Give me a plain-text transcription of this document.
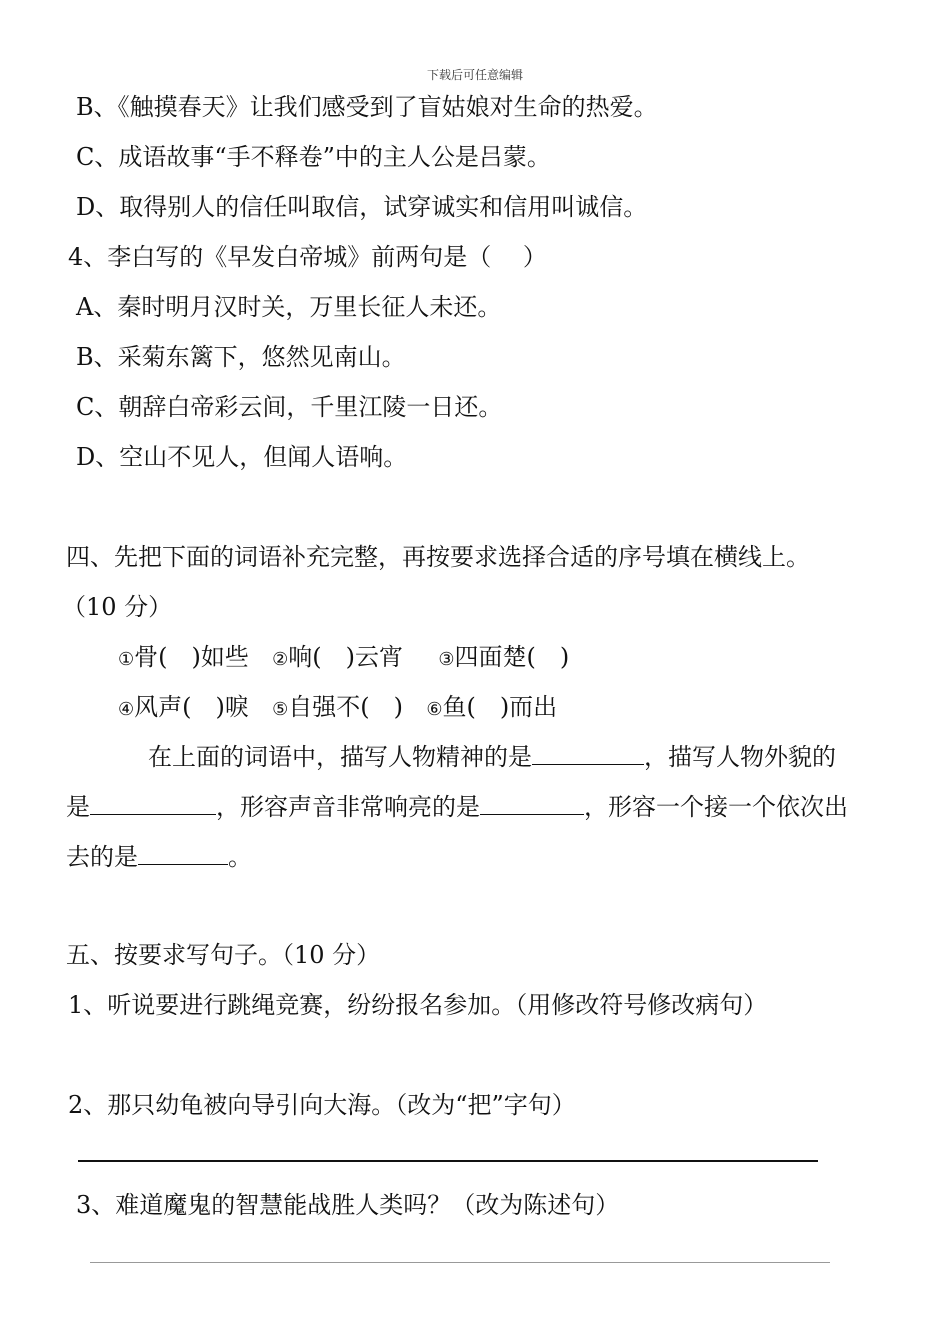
下载后可任意编辑
B、《触摸春天》让我们感受到了盲姑娘对生命的热爱。
C、成语故事“手不释卷”中的主人公是吕蒙。
D、取得别人的信任叫取信，试穿诚实和信用叫诚信。
4、李白写的《早发白帝城》前两句是（　 ）
A、秦时明月汉时关，万里长征人未还。
B、采菊东篱下，悠然见南山。
C、朝辞白帝彩云间，千里江陵一日还。
D、空山不见人，但闻人语响。
四、先把下面的词语补充完整，再按要求选择合适的序号填在横线上。
（10 分）
①骨(　)如些 ②响(　)云宵 ③四面楚(　)
④风声(　)唳 ⑤自强不(　) ⑥鱼(　)而出
在上面的词语中，描写人物精神的是	，描写人物外貌的
是	，形容声音非常响亮的是	，形容一个接一个依次出
去的是	。
五、按要求写句子。（10 分）
1、听说要进行跳绳竞赛，纷纷报名参加。（用修改符号修改病句）
2、那只幼龟被向导引向大海。（改为“把”字句）
3、难道魔鬼的智慧能战胜人类吗？（改为陈述句）
